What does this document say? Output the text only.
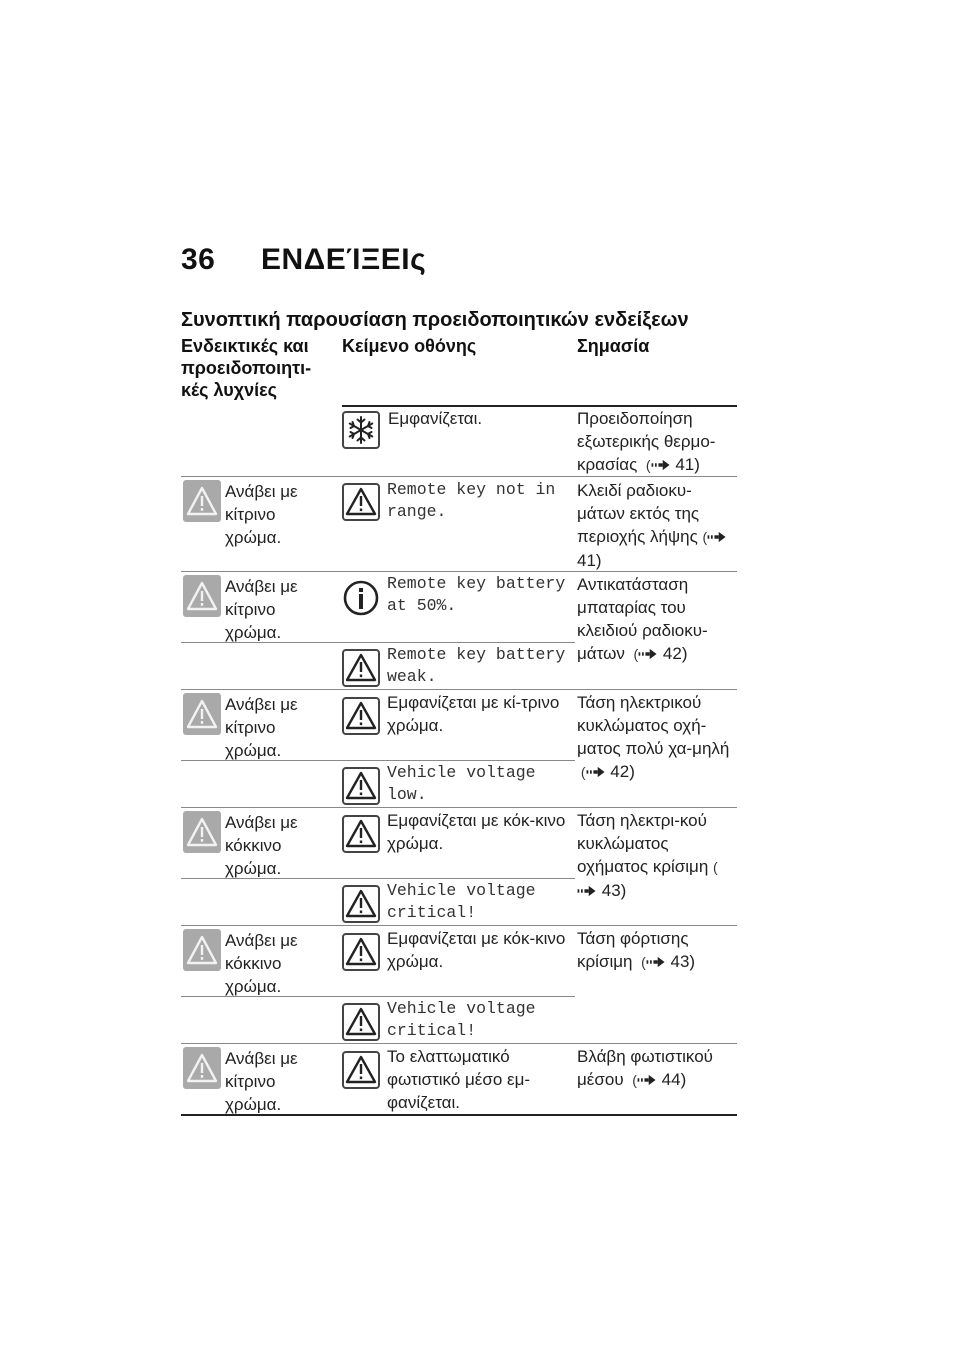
36 ΕΝΔΕΊΞΕΙς
Συνοπτική παρουσίαση προειδοποιητικών ενδείξεων
Ενδεικτικές και προειδοποιητι-κές λυχνίες
Κείμενο οθόνης	Σημασία
Εμφανίζεται.	Προειδοποίηση εξωτερικής θερμο-κρασίας  ( 41)
Ανάβει με κίτρινο χρώμα.
Remote key not in range.
Κλειδί ραδιοκυ-μάτων εκτός της περιοχής λήψης ( 41)
Ανάβει με κίτρινο χρώμα.
Remote key battery at 50%.
Αντικατάσταση μπαταρίας του κλειδιού ραδιοκυ-μάτων  ( 42)
Remote key battery weak.
Ανάβει με κίτρινο χρώμα.
Εμφανίζεται με κί-τρινο χρώμα.
Τάση ηλεκτρικού κυκλώματος οχή-ματος πολύ χα-μηλή  ( 42)
Vehicle voltage low.
Ανάβει με κόκκινο χρώμα.
Εμφανίζεται με κόκ-κινο χρώμα.
Τάση ηλεκτρι-κού κυκλώματος οχήματος κρίσιμη ( 43)
Vehicle voltage critical!
Ανάβει με κόκκινο χρώμα.
Εμφανίζεται με κόκ-κινο χρώμα.
Τάση φόρτισης κρίσιμη  ( 43)
Vehicle voltage critical!
Ανάβει με κίτρινο χρώμα.
Το ελαττωματικό φωτιστικό μέσο εμ-φανίζεται.
Βλάβη φωτιστικού μέσου  ( 44)
